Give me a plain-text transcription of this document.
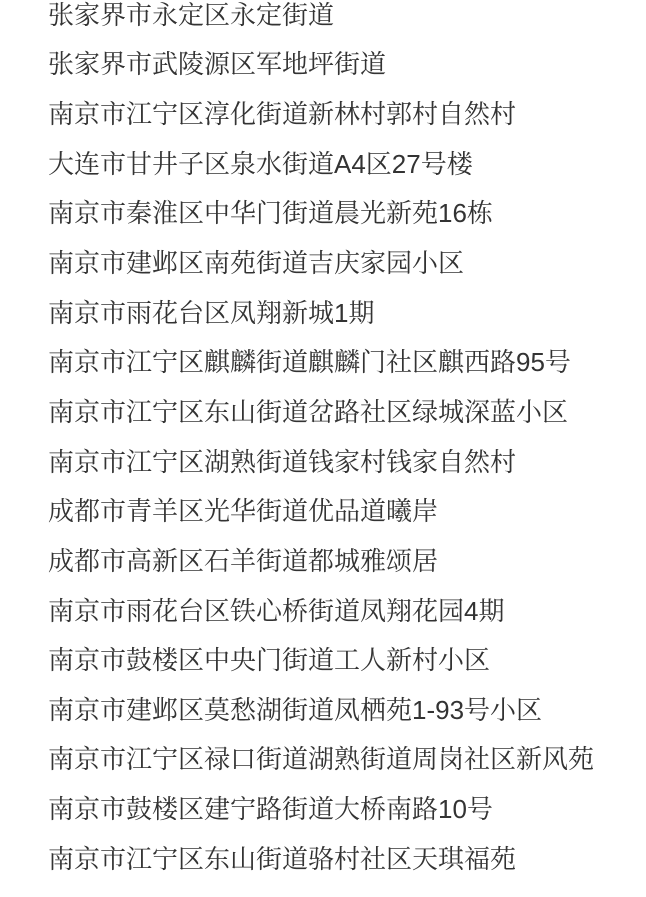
张家界市永定区永定街道
张家界市武陵源区军地坪街道
南京市江宁区淳化街道新林村郭村自然村
大连市甘井子区泉水街道A4区27号楼
南京市秦淮区中华门街道晨光新苑16栋
南京市建邺区南苑街道吉庆家园小区
南京市雨花台区凤翔新城1期
南京市江宁区麒麟街道麒麟门社区麒西路95号
南京市江宁区东山街道岔路社区绿城深蓝小区
南京市江宁区湖熟街道钱家村钱家自然村
成都市青羊区光华街道优品道曦岸
成都市高新区石羊街道都城雅颂居
南京市雨花台区铁心桥街道凤翔花园4期
南京市鼓楼区中央门街道工人新村小区
南京市建邺区莫愁湖街道凤栖苑1-93号小区
南京市江宁区禄口街道湖熟街道周岗社区新风苑
南京市鼓楼区建宁路街道大桥南路10号
南京市江宁区东山街道骆村社区天琪福苑
